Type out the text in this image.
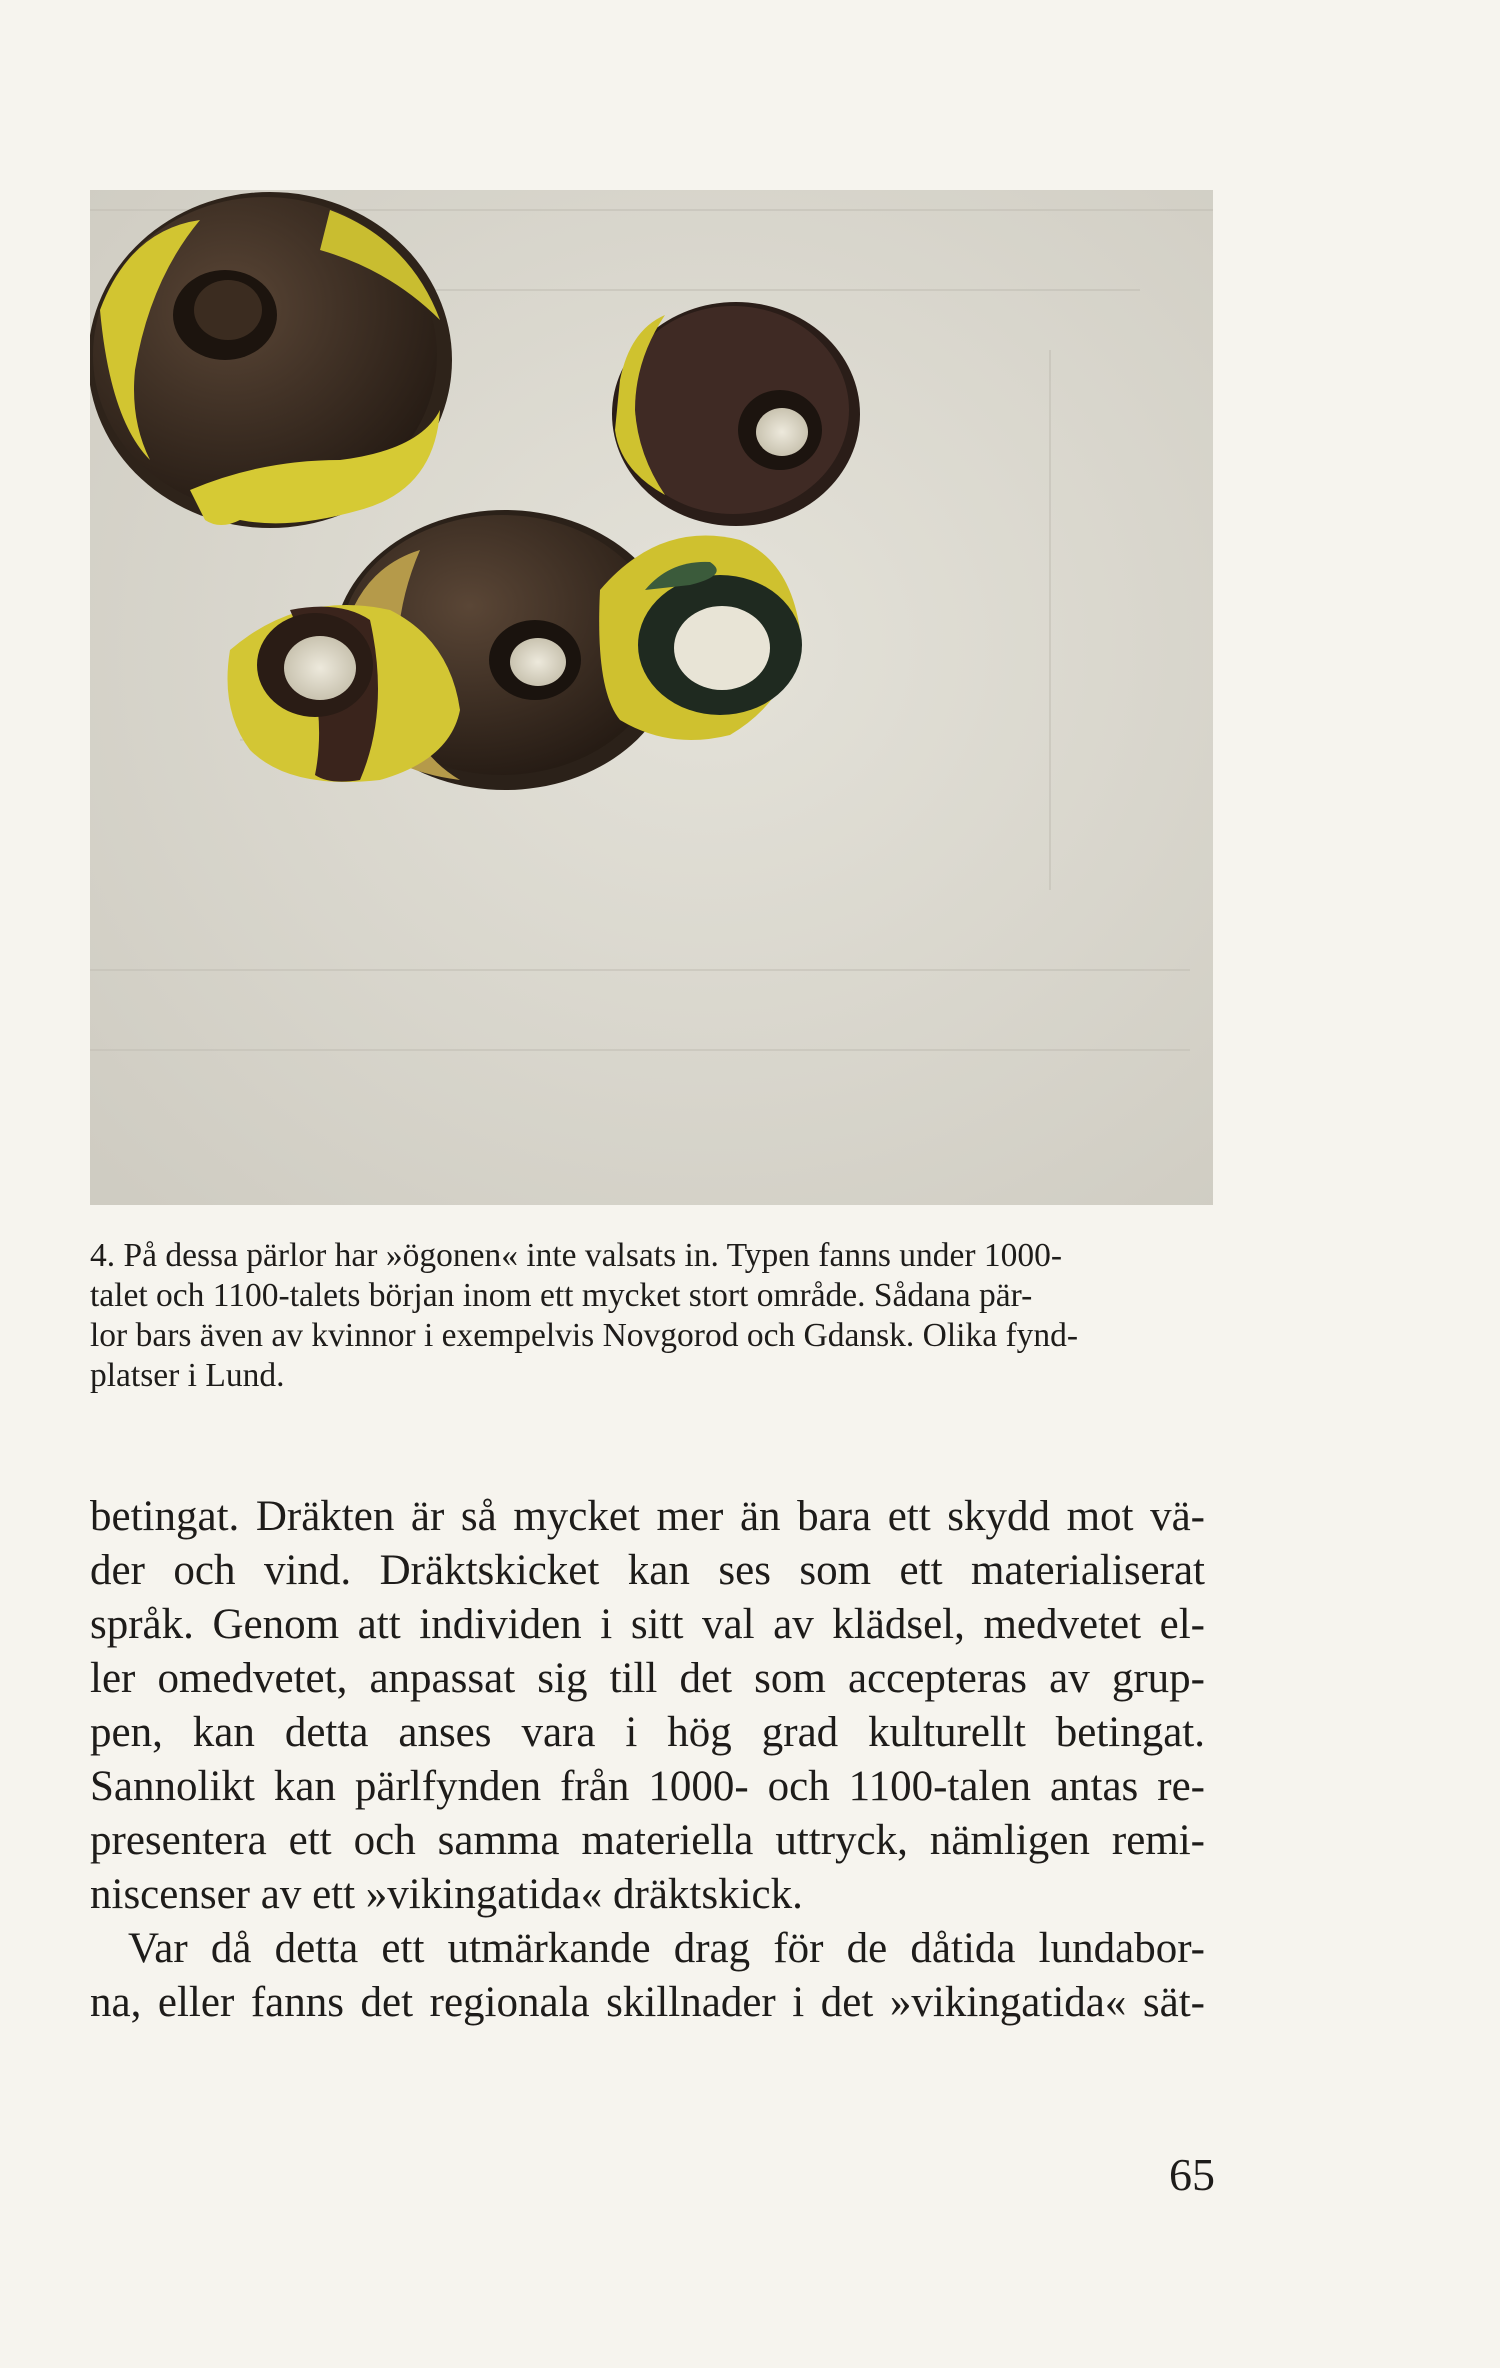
4. På dessa pärlor har »ögonen« inte valsats in. Typen fanns under 1000-
talet och 1100-talets början inom ett mycket stort område. Sådana pär-
lor bars även av kvinnor i exempelvis Novgorod och Gdansk. Olika fynd-
platser i Lund.
betingat. Dräkten är så mycket mer än bara ett skydd mot vä-
der och vind. Dräktskicket kan ses som ett materialiserat
språk. Genom att individen i sitt val av klädsel, medvetet el-
ler omedvetet, anpassat sig till det som accepteras av grup-
pen, kan detta anses vara i hög grad kulturellt betingat.
Sannolikt kan pärlfynden från 1000- och 1100-talen antas re-
presentera ett och samma materiella uttryck, nämligen remi-
niscenser av ett »vikingatida« dräktskick.
Var då detta ett utmärkande drag för de dåtida lundabor-
na, eller fanns det regionala skillnader i det »vikingatida« sät-
65
